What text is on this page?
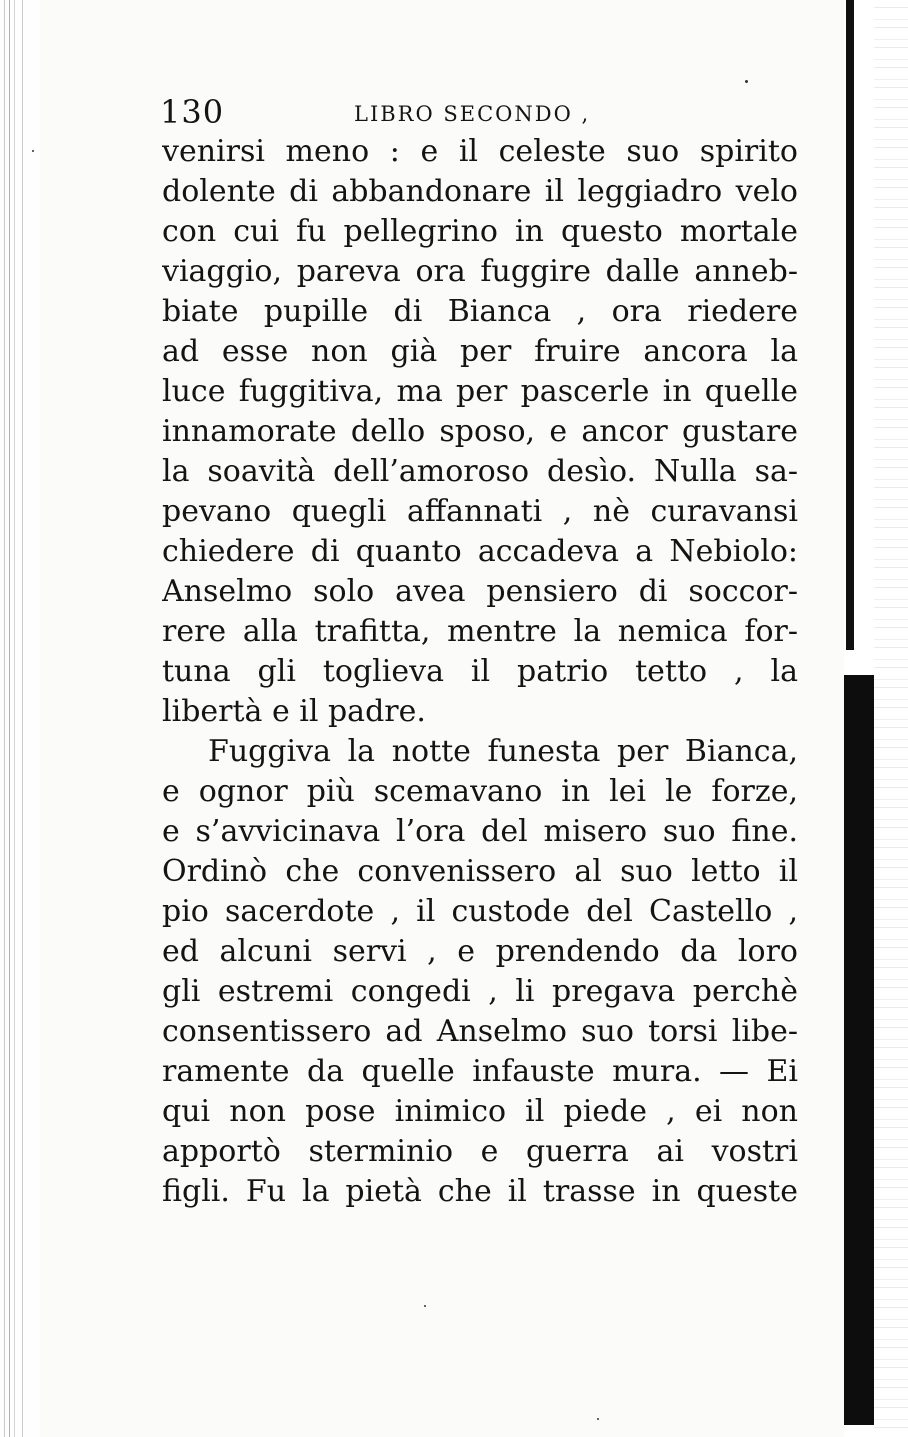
130	LIBRO SECONDO ,
venirsi meno : e il celeste suo spirito
dolente di abbandonare il leggiadro velo
con cui fu pellegrino in questo mortale
viaggio, pareva ora fuggire dalle anneb-
biate pupille di Bianca , ora riedere
ad esse non già per fruire ancora la
luce fuggitiva, ma per pascerle in quelle
innamorate dello sposo, e ancor gustare
la soavità dell’amoroso desìo. Nulla sa-
pevano quegli affannati , nè curavansi
chiedere di quanto accadeva a Nebiolo:
Anselmo solo avea pensiero di soccor-
rere alla trafitta, mentre la nemica for-
tuna gli toglieva il patrio tetto , la
libertà e il padre.
Fuggiva la notte funesta per Bianca,
e ognor più scemavano in lei le forze,
e s’avvicinava l’ora del misero suo fine.
Ordinò che convenissero al suo letto il
pio sacerdote , il custode del Castello ,
ed alcuni servi , e prendendo da loro
gli estremi congedi , li pregava perchè
consentissero ad Anselmo suo torsi libe-
ramente da quelle infauste mura. — Ei
qui non pose inimico il piede , ei non
apportò sterminio e guerra ai vostri
figli. Fu la pietà che il trasse in queste
